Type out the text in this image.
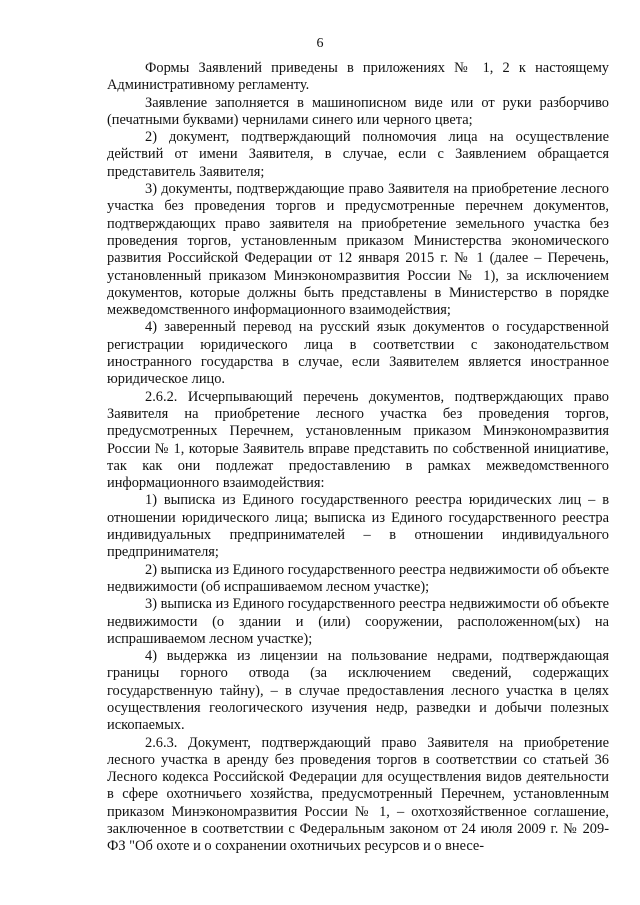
6

Формы Заявлений приведены в приложениях № 1, 2 к настоящему Административному регламенту.

Заявление заполняется в машинописном виде или от руки разборчиво (печатными буквами) чернилами синего или черного цвета;

2) документ, подтверждающий полномочия лица на осуществление действий от имени Заявителя, в случае, если с Заявлением обращается представитель Заявителя;

3) документы, подтверждающие право Заявителя на приобретение лесного участка без проведения торгов и предусмотренные перечнем документов, подтверждающих право заявителя на приобретение земельного участка без проведения торгов, установленным приказом Министерства экономического развития Российской Федерации от 12 января 2015 г. № 1 (далее – Перечень, установленный приказом Минэкономразвития России № 1), за исключением документов, которые должны быть представлены в Министерство в порядке межведомственного информационного взаимодействия;

4) заверенный перевод на русский язык документов о государственной регистрации юридического лица в соответствии с законодательством иностранного государства в случае, если Заявителем является иностранное юридическое лицо.

2.6.2. Исчерпывающий перечень документов, подтверждающих право Заявителя на приобретение лесного участка без проведения торгов, предусмотренных Перечнем, установленным приказом Минэкономразвития России № 1, которые Заявитель вправе представить по собственной инициативе, так как они подлежат предоставлению в рамках межведомственного информационного взаимодействия:

1) выписка из Единого государственного реестра юридических лиц – в отношении юридического лица; выписка из Единого государственного реестра индивидуальных предпринимателей – в отношении индивидуального предпринимателя;

2) выписка из Единого государственного реестра недвижимости об объекте недвижимости (об испрашиваемом лесном участке);

3) выписка из Единого государственного реестра недвижимости об объекте недвижимости (о здании и (или) сооружении, расположенном(ых) на испрашиваемом лесном участке);

4) выдержка из лицензии на пользование недрами, подтверждающая границы горного отвода (за исключением сведений, содержащих государственную тайну), – в случае предоставления лесного участка в целях осуществления геологического изучения недр, разведки и добычи полезных ископаемых.

2.6.3. Документ, подтверждающий право Заявителя на приобретение лесного участка в аренду без проведения торгов в соответствии со статьей 36 Лесного кодекса Российской Федерации для осуществления видов деятельности в сфере охотничьего хозяйства, предусмотренный Перечнем, установленным приказом Минэкономразвития России № 1, – охотхозяйственное соглашение, заключенное в соответствии с Федеральным законом от 24 июля 2009 г. № 209-ФЗ "Об охоте и о сохранении охотничьих ресурсов и о внесе-
